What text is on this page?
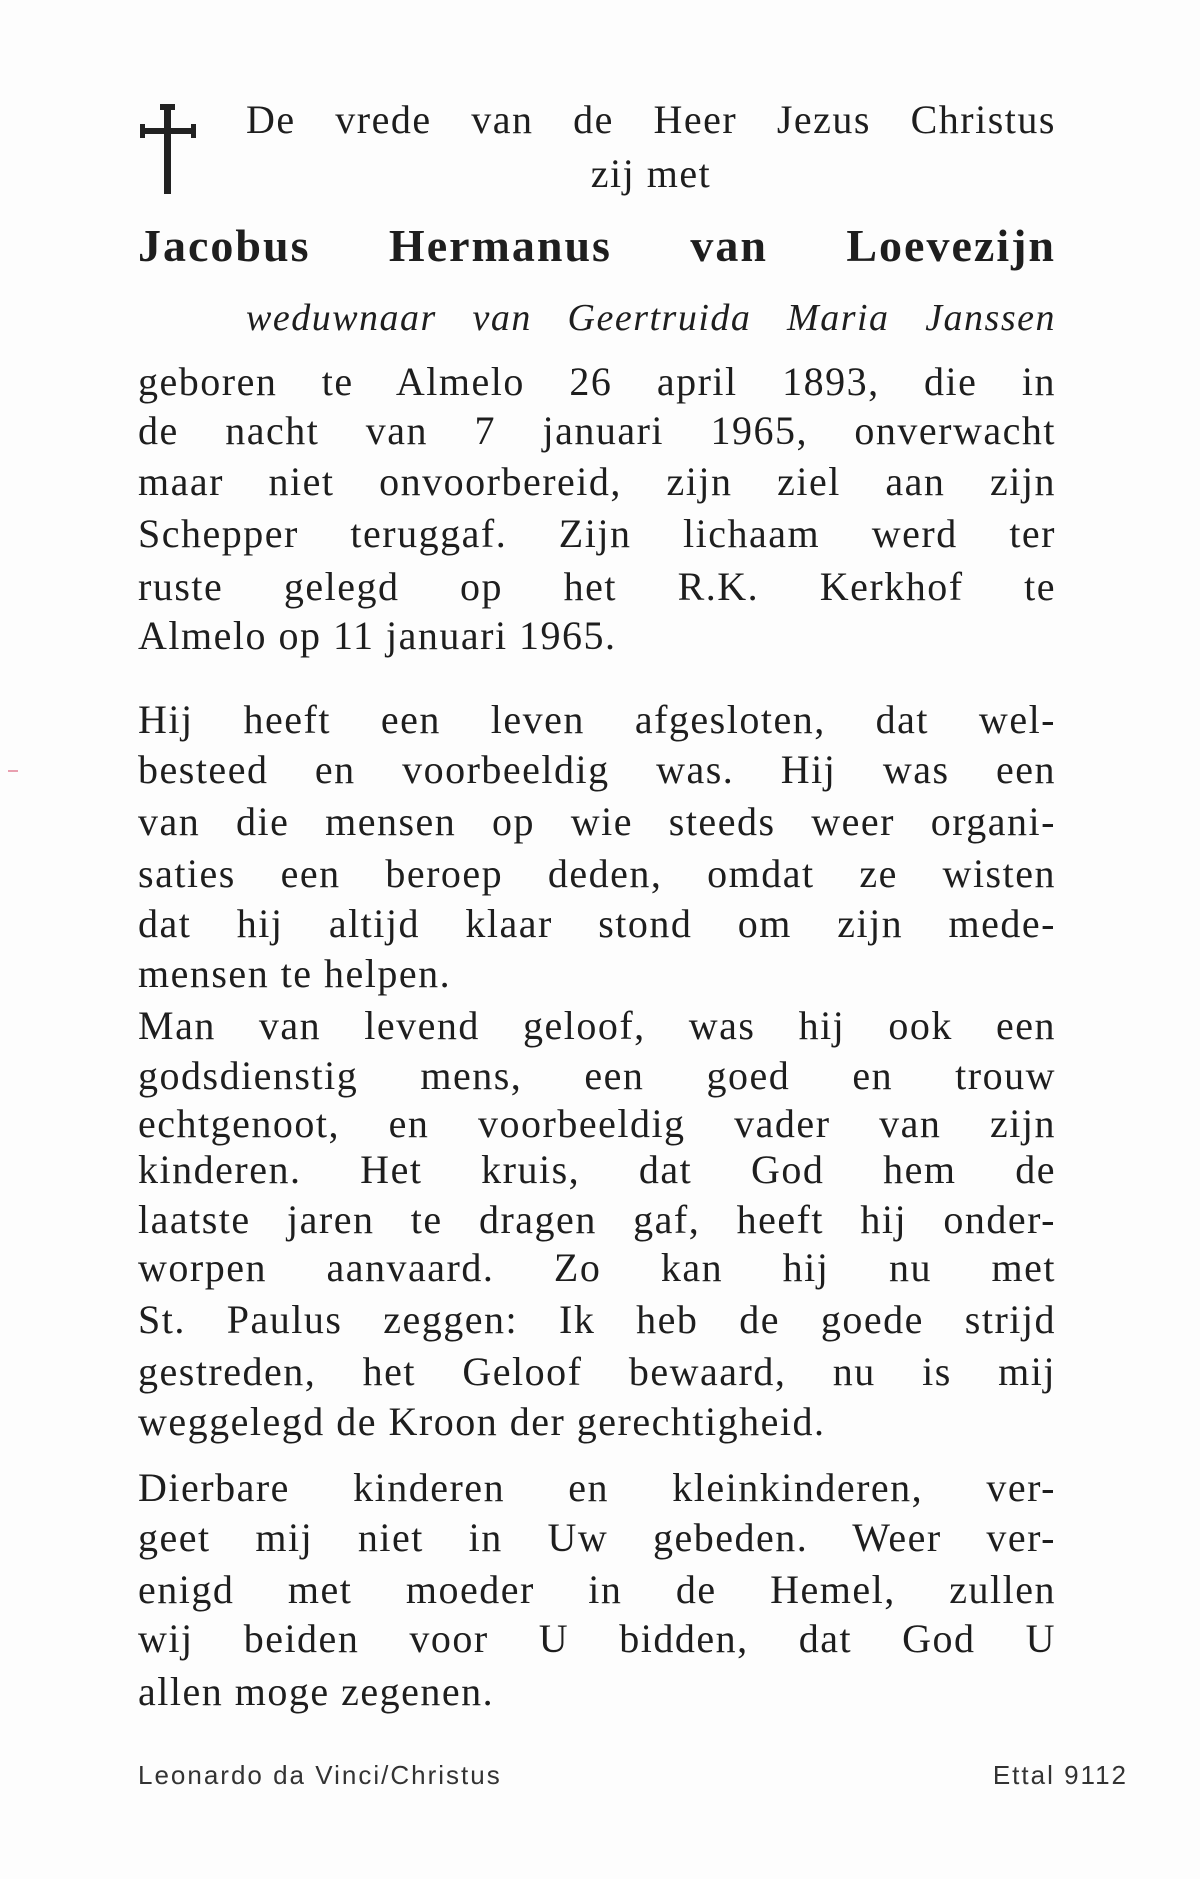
De vrede van de Heer Jezus Christus
zij met
Jacobus Hermanus van Loevezijn
weduwnaar van Geertruida Maria Janssen
geboren te Almelo 26 april 1893, die in
de nacht van 7 januari 1965, onverwacht
maar niet onvoorbereid, zijn ziel aan zijn
Schepper teruggaf. Zijn lichaam werd ter
ruste gelegd op het R.K. Kerkhof te
Almelo op 11 januari 1965.
Hij heeft een leven afgesloten, dat wel-
besteed en voorbeeldig was. Hij was een
van die mensen op wie steeds weer organi-
saties een beroep deden, omdat ze wisten
dat hij altijd klaar stond om zijn mede-
mensen te helpen.
Man van levend geloof, was hij ook een
godsdienstig mens, een goed en trouw
echtgenoot, en voorbeeldig vader van zijn
kinderen. Het kruis, dat God hem de
laatste jaren te dragen gaf, heeft hij onder-
worpen aanvaard. Zo kan hij nu met
St. Paulus zeggen: Ik heb de goede strijd
gestreden, het Geloof bewaard, nu is mij
weggelegd de Kroon der gerechtigheid.
Dierbare kinderen en kleinkinderen, ver-
geet mij niet in Uw gebeden. Weer ver-
enigd met moeder in de Hemel, zullen
wij beiden voor U bidden, dat God U
allen moge zegenen.
Leonardo da Vinci/Christus	Ettal 9112
